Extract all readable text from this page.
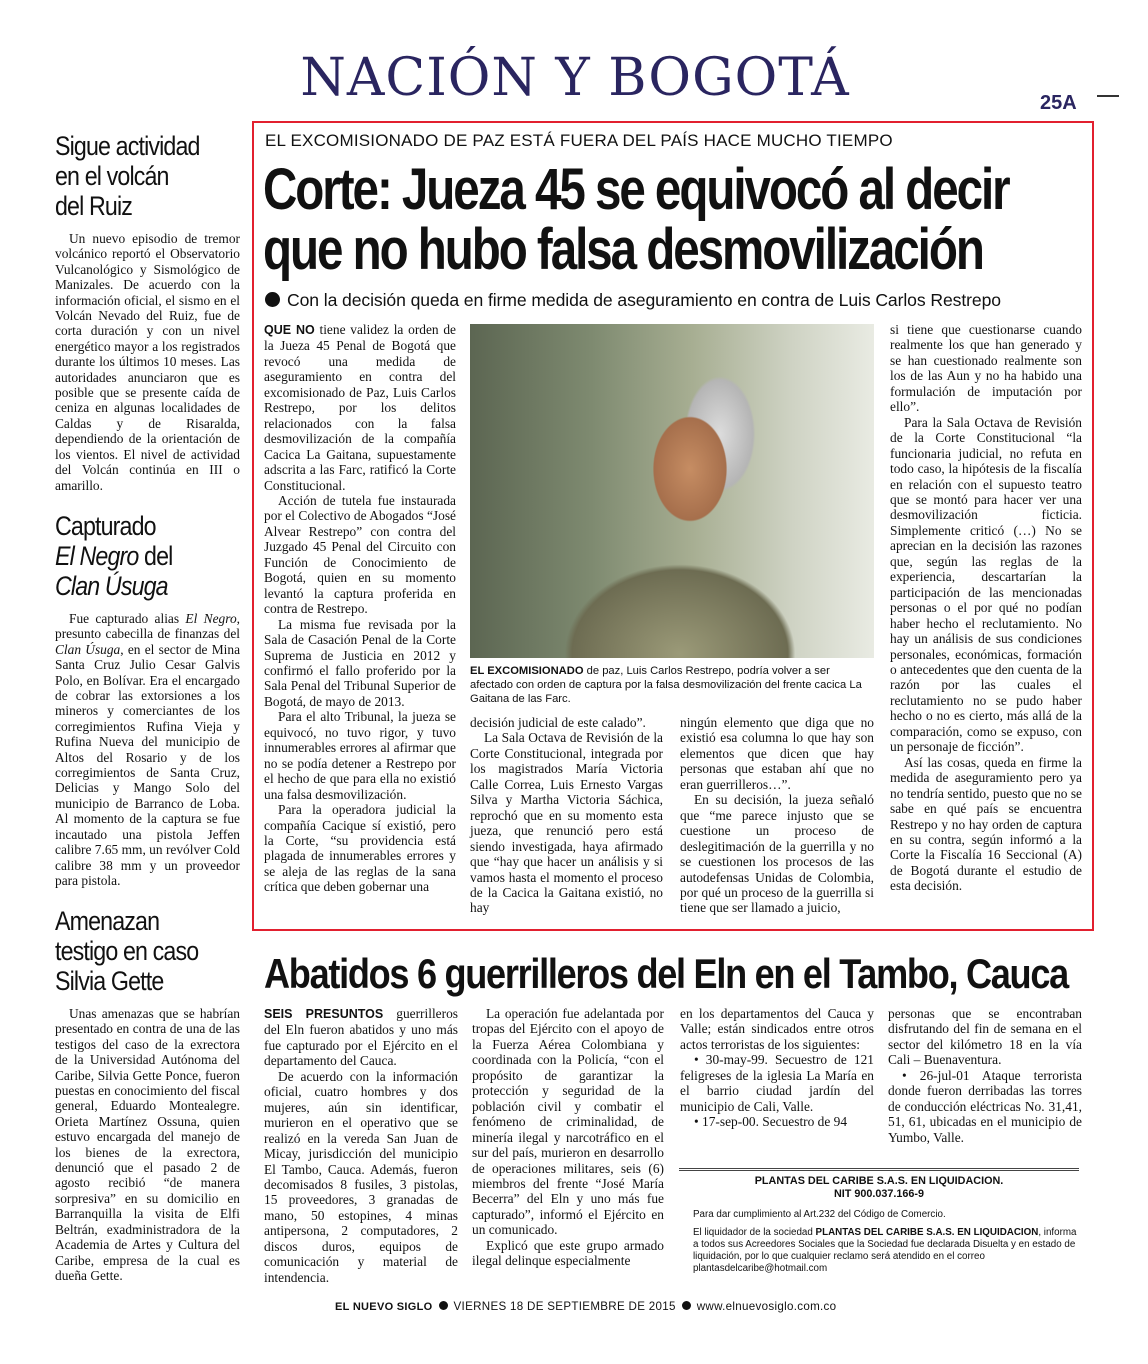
NACIÓN Y BOGOTÁ	25A
Sigue actividad
en el volcán
del Ruiz

Un nuevo episodio de tremor volcánico reportó el Observatorio Vulcanológico y Sismológico de Manizales. De acuerdo con la información oficial, el sismo en el Volcán Nevado del Ruiz, fue de corta duración y con un nivel energético mayor a los registrados durante los últimos 10 meses. Las autoridades anunciaron que es posible que se presente caída de ceniza en algunas localidades de Caldas y de Risaralda, dependiendo de la orientación de los vientos. El nivel de actividad del Volcán continúa en III o amarillo.

Capturado
El Negro del
Clan Úsuga

Fue capturado alias El Negro, presunto cabecilla de finanzas del Clan Úsuga, en el sector de Mina Santa Cruz Julio Cesar Galvis Polo, en Bolívar. Era el encargado de cobrar las extorsiones a los mineros y comerciantes de los corregimientos Rufina Vieja y Rufina Nueva del municipio de Altos del Rosario y de los corregimientos de Santa Cruz, Delicias y Mango Solo del municipio de Barranco de Loba. Al momento de la captura se fue incautado una pistola Jeffen calibre 7.65 mm, un revólver Cold calibre 38 mm y un proveedor para pistola.

Amenazan
testigo en caso
Silvia Gette

Unas amenazas que se habrían presentado en contra de una de las testigos del caso de la exrectora de la Universidad Autónoma del Caribe, Silvia Gette Ponce, fueron puestas en conocimiento del fiscal general, Eduardo Montealegre. Orieta Martínez Ossuna, quien estuvo encargada del manejo de los bienes de la exrectora, denunció que el pasado 2 de agosto recibió “de manera sorpresiva” en su domicilio en Barranquilla la visita de Elfi Beltrán, exadministradora de la Academia de Artes y Cultura del Caribe, empresa de la cual es dueña Gette.

EL EXCOMISIONADO DE PAZ ESTÁ FUERA DEL PAÍS HACE MUCHO TIEMPO
Corte: Jueza 45 se equivocó al decir
que no hubo falsa desmovilización
Con la decisión queda en firme medida de aseguramiento en contra de Luis Carlos Restrepo

QUE NO tiene validez la orden de la Jueza 45 Penal de Bogotá que revocó una medida de aseguramiento en contra del excomisionado de Paz, Luis Carlos Restrepo, por los delitos relacionados con la falsa desmovilización de la compañía Cacica La Gaitana, supuestamente adscrita a las Farc, ratificó la Corte Constitucional.

Acción de tutela fue instaurada por el Colectivo de Abogados “José Alvear Restrepo” con contra del Juzgado 45 Penal del Circuito con Función de Conocimiento de Bogotá, quien en su momento levantó la captura proferida en contra de Restrepo.

La misma fue revisada por la Sala de Casación Penal de la Corte Suprema de Justicia en 2012 y confirmó el fallo proferido por la Sala Penal del Tribunal Superior de Bogotá, de mayo de 2013.

Para el alto Tribunal, la jueza se equivocó, no tuvo rigor, y tuvo innumerables errores al afirmar que no se podía detener a Restrepo por el hecho de que para ella no existió una falsa desmovilización.

Para la operadora judicial la compañía Cacique sí existió, pero la Corte, “su providencia está plagada de innumerables errores y se aleja de las reglas de la sana crítica que deben gobernar una

EL EXCOMISIONADO de paz, Luis Carlos Restrepo, podría volver a ser afectado con orden de captura por la falsa desmovilización del frente cacica La Gaitana de las Farc.

decisión judicial de este calado”.

La Sala Octava de Revisión de la Corte Constitucional, integrada por los magistrados María Victoria Calle Correa, Luis Ernesto Vargas Silva y Martha Victoria Sáchica, reprochó que en su momento esta jueza, que renunció pero está siendo investigada, haya afirmado que “hay que hacer un análisis y si vamos hasta el momento el proceso de la Cacica la Gaitana existió, no hay

ningún elemento que diga que no existió esa columna lo que hay son elementos que dicen que hay personas que estaban ahí que no eran guerrilleros…”.

En su decisión, la jueza señaló que “me parece injusto que se cuestione un proceso de deslegitimación de la guerrilla y no se cuestionen los procesos de las autodefensas Unidas de Colombia, por qué un proceso de la guerrilla si tiene que ser llamado a juicio,

si tiene que cuestionarse cuando realmente los que han generado y se han cuestionado realmente son los de las Aun y no ha habido una formulación de imputación por ello”.

Para la Sala Octava de Revisión de la Corte Constitucional “la funcionaria judicial, no refuta en todo caso, la hipótesis de la fiscalía en relación con el supuesto teatro que se montó para hacer ver una desmovilización ficticia. Simplemente criticó (…) No se aprecian en la decisión las razones que, según las reglas de la experiencia, descartarían la participación de las mencionadas personas o el por qué no podían haber hecho el reclutamiento. No hay un análisis de sus condiciones personales, económicas, formación o antecedentes que den cuenta de la razón por las cuales el reclutamiento no se pudo haber hecho o no es cierto, más allá de la comparación, como se expuso, con un personaje de ficción”.

Así las cosas, queda en firme la medida de aseguramiento pero ya no tendría sentido, puesto que no se sabe en qué país se encuentra Restrepo y no hay orden de captura en su contra, según informó a la Corte la Fiscalía 16 Seccional (A) de Bogotá durante el estudio de esta decisión.

Abatidos 6 guerrilleros del Eln en el Tambo, Cauca

SEIS PRESUNTOS guerrilleros del Eln fueron abatidos y uno más fue capturado por el Ejército en el departamento del Cauca.

De acuerdo con la información oficial, cuatro hombres y dos mujeres, aún sin identificar, murieron en el operativo que se realizó en la vereda San Juan de Micay, jurisdicción del municipio El Tambo, Cauca. Además, fueron decomisados 8 fusiles, 3 pistolas, 15 proveedores, 3 granadas de mano, 50 estopines, 4 minas antipersona, 2 computadores, 2 discos duros, equipos de comunicación y material de intendencia.

La operación fue adelantada por tropas del Ejército con el apoyo de la Fuerza Aérea Colombiana y coordinada con la Policía, “con el propósito de garantizar la protección y seguridad de la población civil y combatir el fenómeno de criminalidad, de minería ilegal y narcotráfico en el sur del país, murieron en desarrollo de operaciones militares, seis (6) miembros del frente “José María Becerra” del Eln y uno más fue capturado”, informó el Ejército en un comunicado.

Explicó que este grupo armado ilegal delinque especialmente

en los departamentos del Cauca y Valle; están sindicados entre otros actos terroristas de los siguientes:

• 30-may-99. Secuestro de 121 feligreses de la iglesia La María en el barrio ciudad jardín del municipio de Cali, Valle.

• 17-sep-00. Secuestro de 94

personas que se encontraban disfrutando del fin de semana en el sector del kilómetro 18 en la vía Cali – Buenaventura.

• 26-jul-01 Ataque terrorista donde fueron derribadas las torres de conducción eléctricas No. 31,41, 51, 61, ubicadas en el municipio de Yumbo, Valle.

PLANTAS DEL CARIBE S.A.S. EN LIQUIDACION.
NIT 900.037.166-9
Para dar cumplimiento al Art.232 del Código de Comercio.
El liquidador de la sociedad PLANTAS DEL CARIBE S.A.S. EN LIQUIDACION, informa a todos sus Acreedores Sociales que la Sociedad fue declarada Disuelta y en estado de liquidación, por lo que cualquier reclamo será atendido en el correo plantasdelcaribe@hotmail.com
EL NUEVO SIGLO VIERNES 18 DE SEPTIEMBRE DE 2015 www.elnuevosiglo.com.co
